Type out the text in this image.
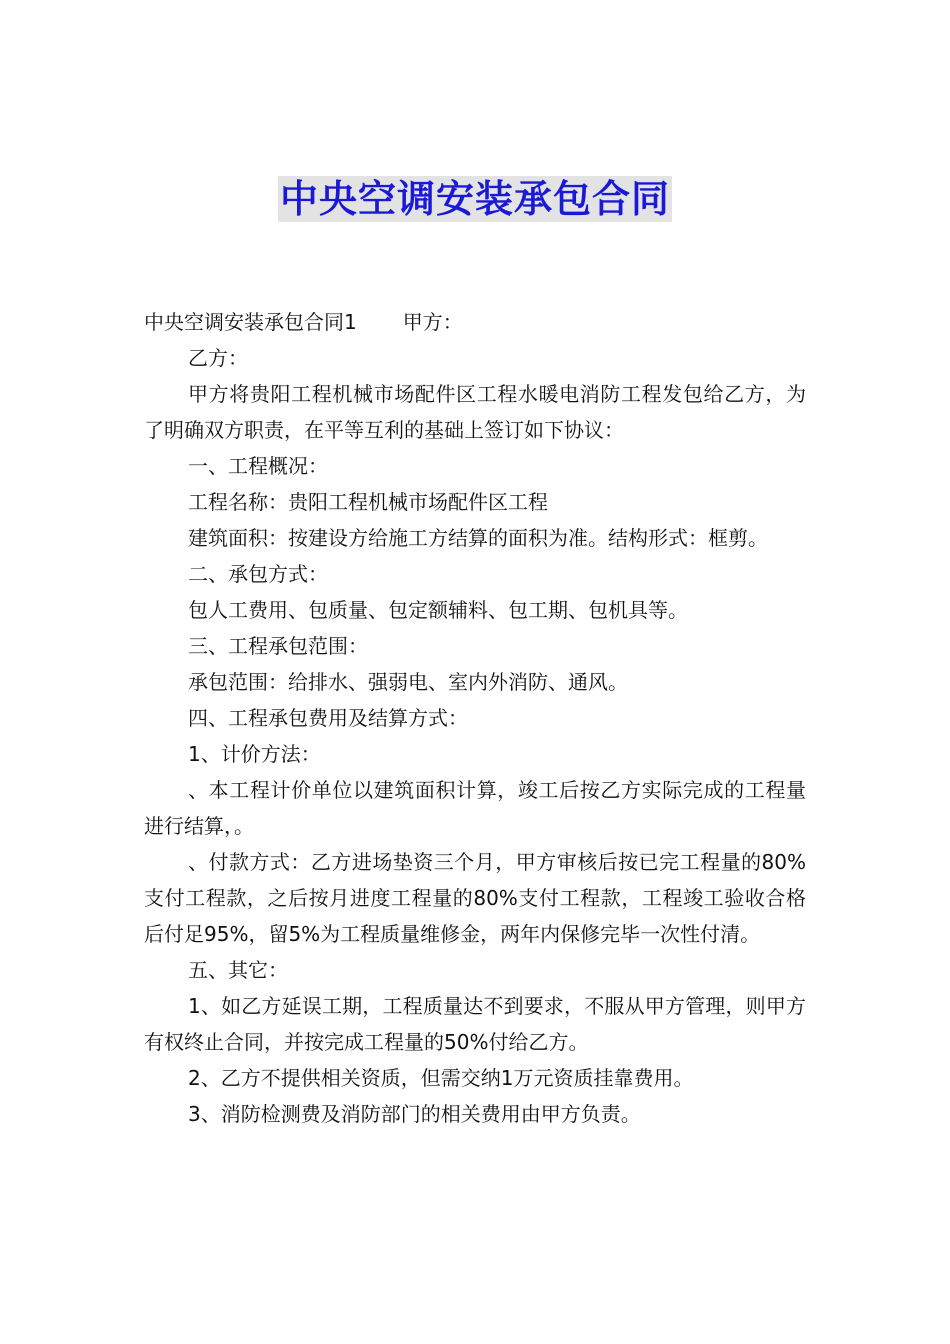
中央空调安装承包合同

中央空调安装承包合同1 甲方：

乙方：

甲方将贵阳工程机械市场配件区工程水暖电消防工程发包给乙方，为了明确双方职责，在平等互利的基础上签订如下协议：

一、工程概况：

工程名称：贵阳工程机械市场配件区工程

建筑面积：按建设方给施工方结算的面积为准。结构形式：框剪。

二、承包方式：

包人工费用、包质量、包定额辅料、包工期、包机具等。

三、工程承包范围：

承包范围：给排水、强弱电、室内外消防、通风。

四、工程承包费用及结算方式：

1、计价方法：

、本工程计价单位以建筑面积计算，竣工后按乙方实际完成的工程量进行结算，。

、付款方式：乙方进场垫资三个月，甲方审核后按已完工程量的80%支付工程款，之后按月进度工程量的80%支付工程款，工程竣工验收合格后付足95%，留5%为工程质量维修金，两年内保修完毕一次性付清。

五、其它：

1、如乙方延误工期，工程质量达不到要求，不服从甲方管理，则甲方有权终止合同，并按完成工程量的50%付给乙方。

2、乙方不提供相关资质，但需交纳1万元资质挂靠费用。

3、消防检测费及消防部门的相关费用由甲方负责。
